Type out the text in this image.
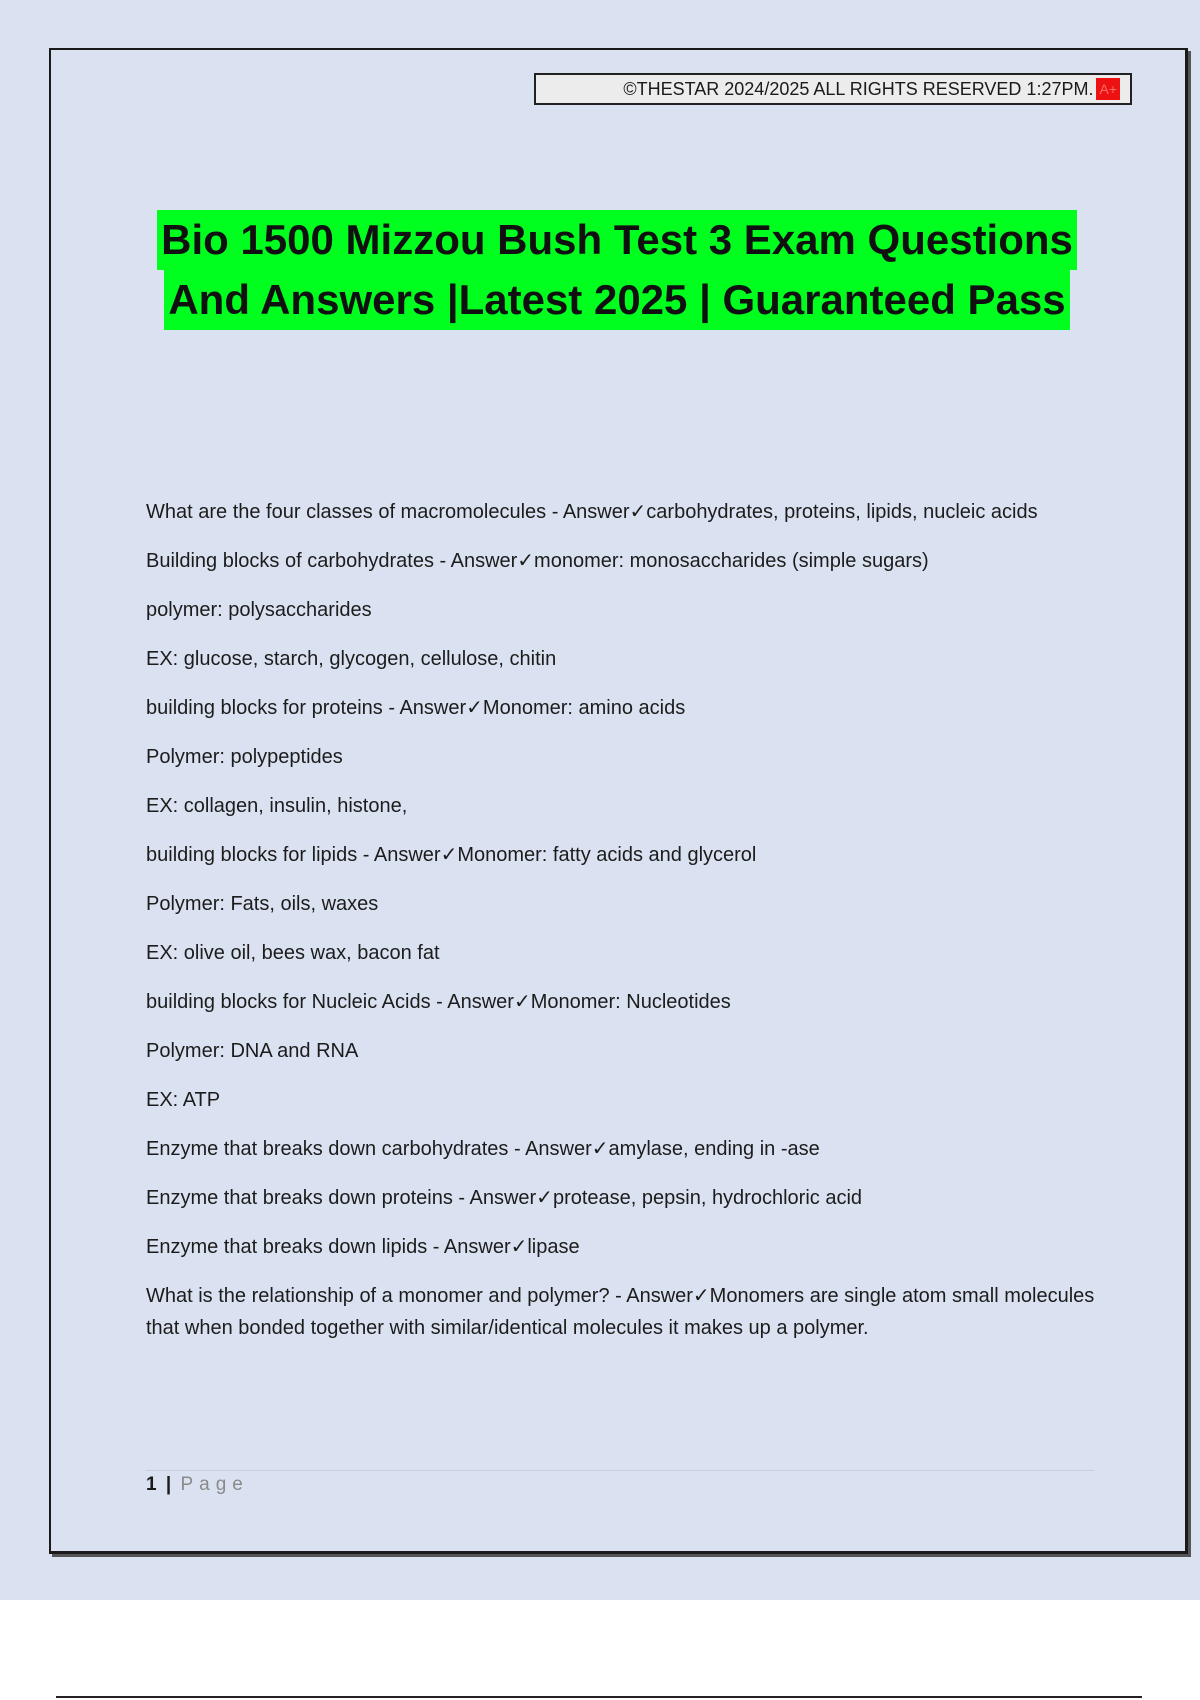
©THESTAR 2024/2025 ALL RIGHTS RESERVED 1:27PM. A+
Bio 1500 Mizzou Bush Test 3 Exam Questions
And Answers |Latest 2025 | Guaranteed Pass

What are the four classes of macromolecules - Answer✓carbohydrates, proteins, lipids, nucleic acids

Building blocks of carbohydrates - Answer✓monomer: monosaccharides (simple sugars)

polymer: polysaccharides

EX: glucose, starch, glycogen, cellulose, chitin

building blocks for proteins - Answer✓Monomer: amino acids

Polymer: polypeptides

EX: collagen, insulin, histone,

building blocks for lipids - Answer✓Monomer: fatty acids and glycerol

Polymer: Fats, oils, waxes

EX: olive oil, bees wax, bacon fat

building blocks for Nucleic Acids - Answer✓Monomer: Nucleotides

Polymer: DNA and RNA

EX: ATP

Enzyme that breaks down carbohydrates - Answer✓amylase, ending in -ase

Enzyme that breaks down proteins - Answer✓protease, pepsin, hydrochloric acid

Enzyme that breaks down lipids - Answer✓lipase

What is the relationship of a monomer and polymer? - Answer✓Monomers are single atom small molecules that when bonded together with similar/identical molecules it makes up a polymer.

1 | Page
